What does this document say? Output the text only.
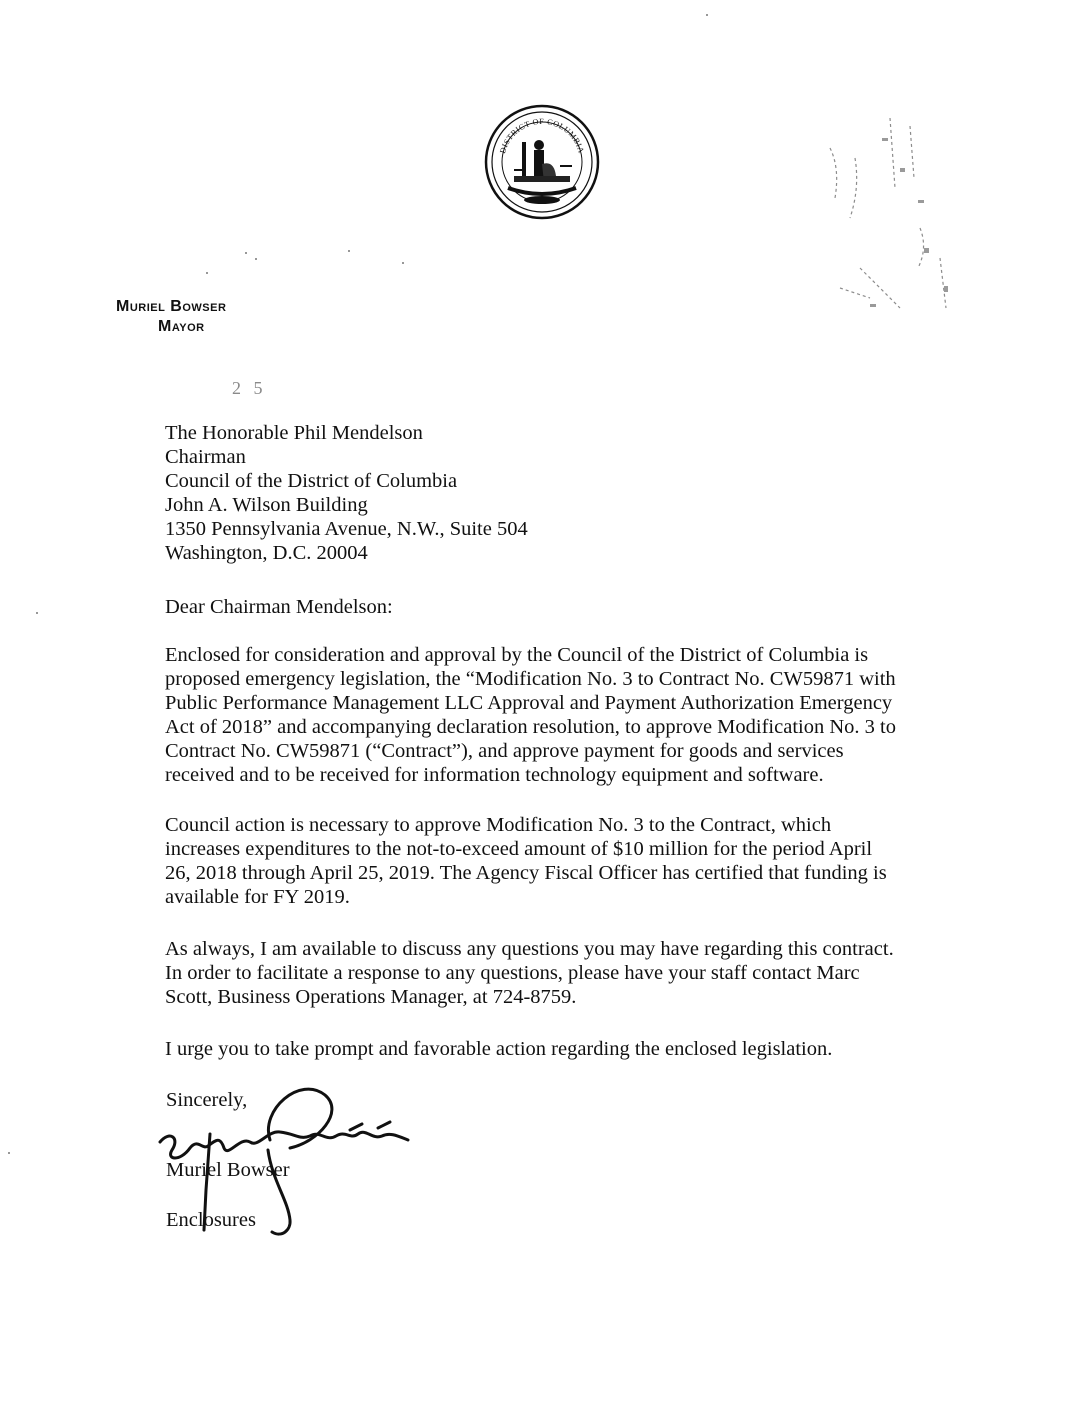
DISTRICT OF COLUMBIA
Muriel Bowser
Mayor
2 5
The Honorable Phil Mendelson
Chairman
Council of the District of Columbia
John A. Wilson Building
1350 Pennsylvania Avenue, N.W., Suite 504
Washington, D.C. 20004
Dear Chairman Mendelson:
Enclosed for consideration and approval by the Council of the District of Columbia is
proposed emergency legislation, the “Modification No. 3 to Contract No. CW59871 with
Public Performance Management LLC Approval and Payment Authorization Emergency
Act of 2018” and accompanying declaration resolution, to approve Modification No. 3 to
Contract No. CW59871 (“Contract”), and approve payment for goods and services
received and to be received for information technology equipment and software.
Council action is necessary to approve Modification No. 3 to the Contract, which
increases expenditures to the not-to-exceed amount of $10 million for the period April
26, 2018 through April 25, 2019. The Agency Fiscal Officer has certified that funding is
available for FY 2019.
As always, I am available to discuss any questions you may have regarding this contract.
In order to facilitate a response to any questions, please have your staff contact Marc
Scott, Business Operations Manager, at 724-8759.
I urge you to take prompt and favorable action regarding the enclosed legislation.
Sincerely,
Muriel Bowser
Enclosures
